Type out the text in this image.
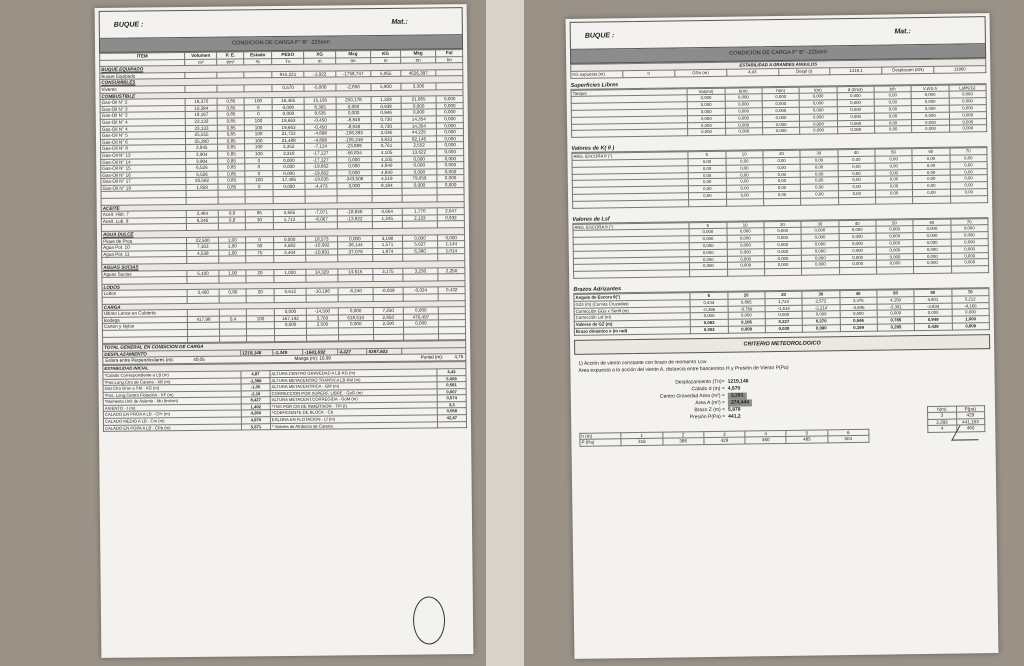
BUQUE :	Mat.:
CONDICION DE CARGA F° B° -225mm
ITEM	Volumen	P. E.	Estado	PESO	XG	Mxg	KG	Mkg	Fsl
	m³	t/m³	%	Tn	m	tm	m	tm	tm
BUQUE EQUIPADO									
Buque Equipado				915,221	-1,922	-1758,747	5,055	4626,397	
CONSUMIBLES									
Viveres				0,570	-5,000	-2,850	5,800	3,306	
COMBUSTIBLE									
Gas-Oil N° 2	19,370	0,85	100	16,465	15,195	250,178	1,328	21,865	0,000
Gas-Oil N° 3	10,384	0,85	0	0,000	8,365	0,000	0,938	0,000	0,000
Gas-Oil N° 3	19,167	0,85	0	0,000	8,635	0,000	0,946	0,000	0,000
Gas-Oil N° 4	23,133	0,85	100	19,663	-0,450	-8,848	0,730	14,354	0,000
Gas-Oil N° 4	23,133	0,85	100	19,663	-0,450	-8,848	0,730	14,354	0,000
Gas-Oil N° 5	25,555	0,85	100	21,722	-4,898	-106,393	2,036	44,225	0,000
Gas-Oil N° 6	25,280	0,85	100	21,488	-4,898	-105,248	3,823	82,146	0,000
Gas-Oil N° 8	3,945	0,85	100	3,353	-7,124	-23,889	0,761	2,552	0,000
Gas-Oil N° 13	3,904	0,85	100	3,318	-17,127	-56,834	4,105	13,622	0,000
Gas-Oil N° 14	3,904	0,85	0	0,000	-17,127	0,000	4,105	0,000	0,000
Gas-Oil N° 15	6,526	0,85	0	0,000	-19,662	0,000	4,840	0,000	0,000
Gas-Oil N° 16	6,526	0,85	0	0,000	-19,662	0,000	4,840	0,000	0,000
Gas-Oil N° 17	20,582	0,85	100	17,495	-19,635	-343,508	4,519	79,059	0,000
Gas-Oil N° 19	1,858	0,85	0	0,000	-4,473	0,000	8,184	0,000	0,000

ACEITE									
Aceit. Hidr. 7	3,484	0,9	85	2,665	-7,071	-18,846	0,664	1,770	2,647
Aceit. Lub. 9	6,346	0,9	30	1,713	-8,067	-13,822	1,245	2,133	0,932

AGUA DULCE									
Pique de Proa	22,500	1,00	0	0,000	18,573	0,000	3,198	0,000	0,000
Agua Pot. 10	7,163	1,00	50	3,582	-10,092	-36,144	1,571	5,627	1,144
Agua Pot. 11	4,539	1,00	75	3,404	-10,891	-37,076	1,874	6,380	1,014

AGUAS SUCIAS									
Aguas Sucias	5,100	1,00	20	1,020	14,329	14,615	3,175	3,230	2,250

LODOS									
Lodos	3,400	0,90	20	0,612	-10,196	-6,240	-0,039	-0,024	0,432

CARGA									
Ultimo Lance en Cubierta				0,000	-14,500	0,000	7,250	0,000	
Bodega	417,98	0,4	100	167,192	3,700	618,610	2,850	476,497	
Carton y Nylon				0,000	2,500	0,000	2,500	0,000	

TOTAL GENERAL EN CONDICION DE CARGA
DESPLAZAMIENTO	1219,146	-1,349	-1643,692	4,427	5397,603	
Eslora entre Perpendiculares (m):	40,05	Manga (m): 10,09	Puntal (m): 4,75
ESTABILIDAD INICIAL			
*Calado Correspondiente a LB (m)	4,87	ALTURA CENTRO GRAVEDAD A LB-KG (m)	4,43
*Pos.Long.Ctro de Carena - XB (m)	-1,398	ALTURA METACENTRO TRANSV.A LB-KM (m)	5,009
Dist Ctro Grav a SM - XG (m)	-1,35	ALTURA METACENTRICA - GM (m)	0,581
*Pos. Long.Centro Flotación - XF (m)	-2,19	CORRECCION POR SUPERF. LIBRE - GoG (m)	0,007
*Momento Unit de Asiento - Mu (tm/cm)	8,427	ALTURA METACENT.CORREGIDA - GoM (m)	0,574
ASIENTO - t (m)	1,402	*TNS POR CM DE INMERSION - TPI (t)	3,3
CALADO EN PROA A LB - CPr (m)	4,266	*COEFICIENTE DE BLOCK - Cb	0,558
CALADO MEDIO A LB - Cm (m)	4,970	ESLORA EN FLOTACION - Lf (m)	42,87
CALADO EN POPA A LB - CPp (m)	5,671	* Valores de Atributos de Carena	
BUQUE :
Mat.:
CONDICION DE CARGA F° B° -225mm
ESTABILIDAD A GRANDES ANGULOS
KG supuesto (m)	0	GGs (m)	4,43	Despl (t)	1219,1	Desplazam (KN)	11960
Superficies Libres
Tanque	Vol(m3)	b(m)	h(m)	l(m)	d (t/m3)	b/h	V.i/l.b.h	Laf/K(G)
	0,000	0,000	0,000	0,000	0,000	0,00	0,000	0,000
	0,000	0,000	0,000	0,000	0,000	0,00	0,000	0,000
	0,000	0,000	0,000	0,000	0,000	0,00	0,000	0,000
	0,000	0,000	0,000	0,000	0,000	0,00	0,000	0,000
	0,000	0,000	0,000	0,000	0,000	0,00	0,000	0,000
	0,000	0,000	0,000	0,000	0,000	0,00	0,000	0,000
Valores de K( θ )
ANG. ESCORA θ (°)	5	10	20	30	40	50	60	70
	0,00	0,00	0,00	0,00	0,00	0,00	0,00	0,00
	0,00	0,00	0,00	0,00	0,00	0,00	0,00	0,00
	0,00	0,00	0,00	0,00	0,00	0,00	0,00	0,00
	0,00	0,00	0,00	0,00	0,00	0,00	0,00	0,00
	0,00	0,00	0,00	0,00	0,00	0,00	0,00	0,00
	0,00	0,00	0,00	0,00	0,00	0,00	0,00	0,00

Valores de Lsf
ANG. ESCORA θ (°)	5	10	20	30	40	50	60	70
	0,000	0,000	0,000	0,000	0,000	0,000	0,000	0,000
	0,000	0,000	0,000	0,000	0,000	0,000	0,000	0,000
	0,000	0,000	0,000	0,000	0,000	0,000	0,000	0,000
	0,000	0,000	0,000	0,000	0,000	0,000	0,000	0,000
	0,000	0,000	0,000	0,000	0,000	0,000	0,000	0,000
	0,000	0,000	0,000	0,000	0,000	0,000	0,000	0,000

Brazos Adrizantes
Angulo de Escora θ(°)	5	10	20	30	40	50	60	70
GZs (m) (Curvas Cruzadas)	0,434	0,865	1,724	2,572	3,376	4,150	4,801	5,212
Corrección GGs x Senθ (m)	-0,386	-0,769	-1,514	-2,214	-2,846	-3,391	-3,834	-4,160
Corrección Lsf (m)	0,000	0,000	0,000	0,000	0,000	0,000	0,000	0,000
Valores de GZ (m)	0,053	0,106	0,227	0,370	0,546	0,785	0,949	1,000
Brazo dinámico e (m rad)	0,002	0,009	0,038	0,090	0,169	0,285	0,439	0,609
CRITERIO METEOROLOGICO
1) Acción de viento constante con brazo de momento Lcw
Area expuesta a la acción del viento A, distancia entre baricentros H y Presión de Viento P(Pa)
Desplazamiento (Tn)= 1219,146
Calado d (m) = 4,970
Centro Gravedad Area (m²) =	3,393
Area A (m²) =	274,444
Brazo Z (m) = 5,878
Presión P(Pa) = 441,2
h(m)	P(pa)
3	429
3,393	441,163
4	460
h (m)	1	2	3	4	5	6
P (Pa)	316	386	429	460	485	504
